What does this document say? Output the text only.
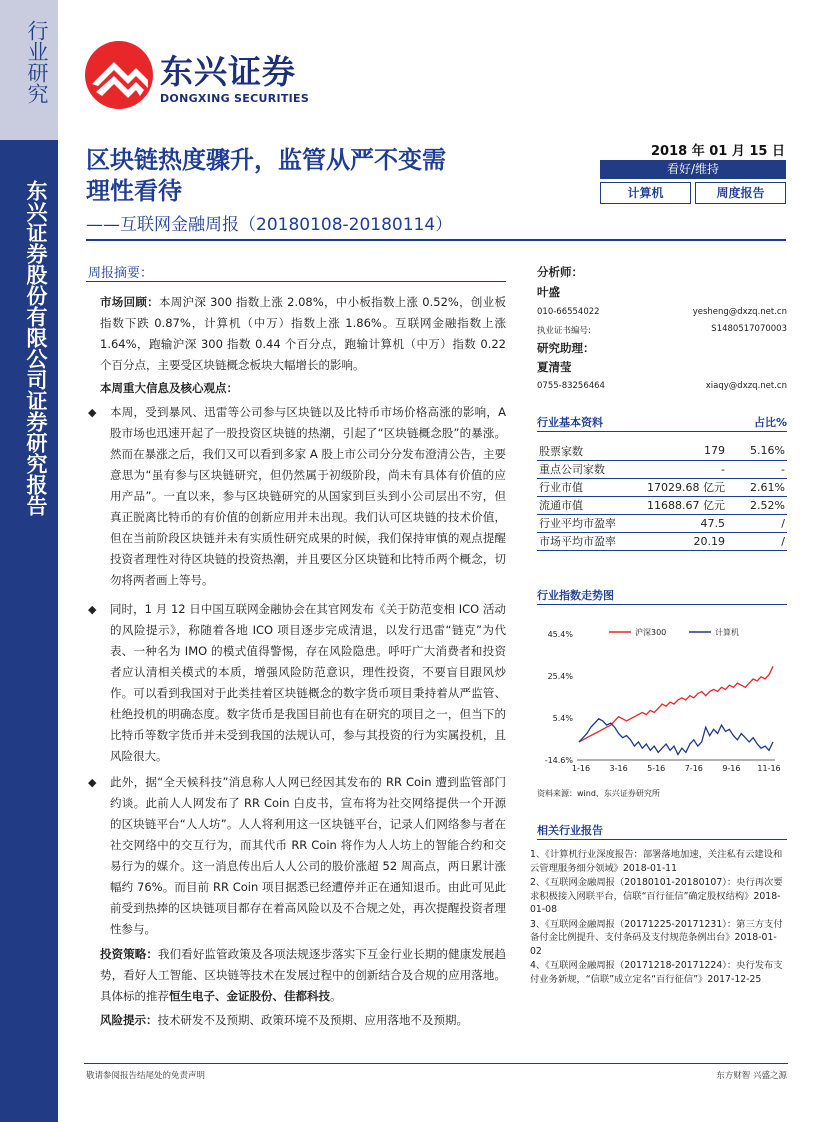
行业研究
东兴证券股份有限公司证券研究报告
东兴证券
DONGXING SECURITIES
区块链热度骤升，监管从严不变需
理性看待
——互联网金融周报（20180108-20180114）
2018 年 01 月 15 日
看好/维持
计算机	周度报告
周报摘要：
市场回顾：本周沪深 300 指数上涨 2.08%，中小板指数上涨 0.52%，创业板指数下跌 0.87%，计算机（中万）指数上涨 1.86%。互联网金融指数上涨 1.64%，跑输沪深 300 指数 0.44 个百分点，跑输计算机（中万）指数 0.22 个百分点，主要受区块链概念板块大幅增长的影响。
本周重大信息及核心观点：
◆ 本周，受到暴风、迅雷等公司参与区块链以及比特币市场价格高涨的影响，A 股市场也迅速开起了一股投资区块链的热潮，引起了“区块链概念股”的暴涨。然而在暴涨之后，我们又可以看到多家 A 股上市公司分分发布澄清公告，主要意思为“虽有参与区块链研究，但仍然属于初级阶段，尚未有具体有价值的应用产品”。一直以来，参与区块链研究的从国家到巨头到小公司层出不穷，但真正脱离比特币的有价值的创新应用并未出现。我们认可区块链的技术价值，但在当前阶段区块链并未有实质性研究成果的时候，我们保持审慎的观点提醒投资者理性对待区块链的投资热潮，并且要区分区块链和比特币两个概念，切勿将两者画上等号。
◆ 同时，1 月 12 日中国互联网金融协会在其官网发布《关于防范变相 ICO 活动的风险提示》，称随着各地 ICO 项目逐步完成清退，以发行迅雷“链克”为代表、一种名为 IMO 的模式值得警惕，存在风险隐患。呼吁广大消费者和投资者应认清相关模式的本质，增强风险防范意识，理性投资，不要盲目跟风炒作。可以看到我国对于此类挂着区块链概念的数字货币项目秉持着从严监管、杜绝投机的明确态度。数字货币是我国目前也有在研究的项目之一，但当下的比特币等数字货币并未受到我国的法规认可，参与其投资的行为实属投机，且风险很大。
◆ 此外，据“全天候科技”消息称人人网已经因其发布的 RR Coin 遭到监管部门约谈。此前人人网发布了 RR Coin 白皮书，宣布将为社交网络提供一个开源的区块链平台“人人坊”。人人将利用这一区块链平台，记录人们网络参与者在社交网络中的交互行为，而其代币 RR Coin 将作为人人坊上的智能合约和交易行为的媒介。这一消息传出后人人公司的股价涨超 52 周高点，两日累计涨幅约 76%。而目前 RR Coin 项目据悉已经遭停并正在通知退币。由此可见此前受到热捧的区块链项目都存在着高风险以及不合规之处，再次提醒投资者理性参与。
投资策略：我们看好监管政策及各项法规逐步落实下互金行业长期的健康发展趋势，看好人工智能、区块链等技术在发展过程中的创新结合及合规的应用落地。具体标的推荐恒生电子、金证股份、佳都科技。
风险提示：技术研发不及预期、政策环境不及预期、应用落地不及预期。
分析师：
叶盛
010-66554022	yesheng@dxzq.net.cn
执业证书编号:	S1480517070003
研究助理：
夏清莹
0755-83256464	xiaqy@dxzq.net.cn
行业基本资料	占比%
股票家数	179	5.16%
重点公司家数	-	-
行业市值	17029.68 亿元	2.61%
流通市值	11688.67 亿元	2.52%
行业平均市盈率	47.5	/
市场平均市盈率	20.19	/
行业指数走势图
45.4%
25.4%
5.4%
-14.6%
1-16 3-16 5-16 7-16 9-16 11-16
沪深300	计算机
资料来源：wind、东兴证券研究所
相关行业报告

1、《计算机行业深度报告：部署落地加速，关注私有云建设和云管理服务细分领域》2018-01-11

2、《互联网金融周报（20180101-20180107）：央行再次要求积极接入网联平台，信联“百行征信”确定股权结构》2018-01-08

3、《互联网金融周报（20171225-20171231）：第三方支付备付金比例提升、支付条码及支付规范条例出台》2018-01-02

4、《互联网金融周报（20171218-20171224）：央行发布支付业务新规，“信联”成立定名“百行征信”》2017-12-25

敬请参阅报告结尾处的免责声明	东方财智 兴盛之源
